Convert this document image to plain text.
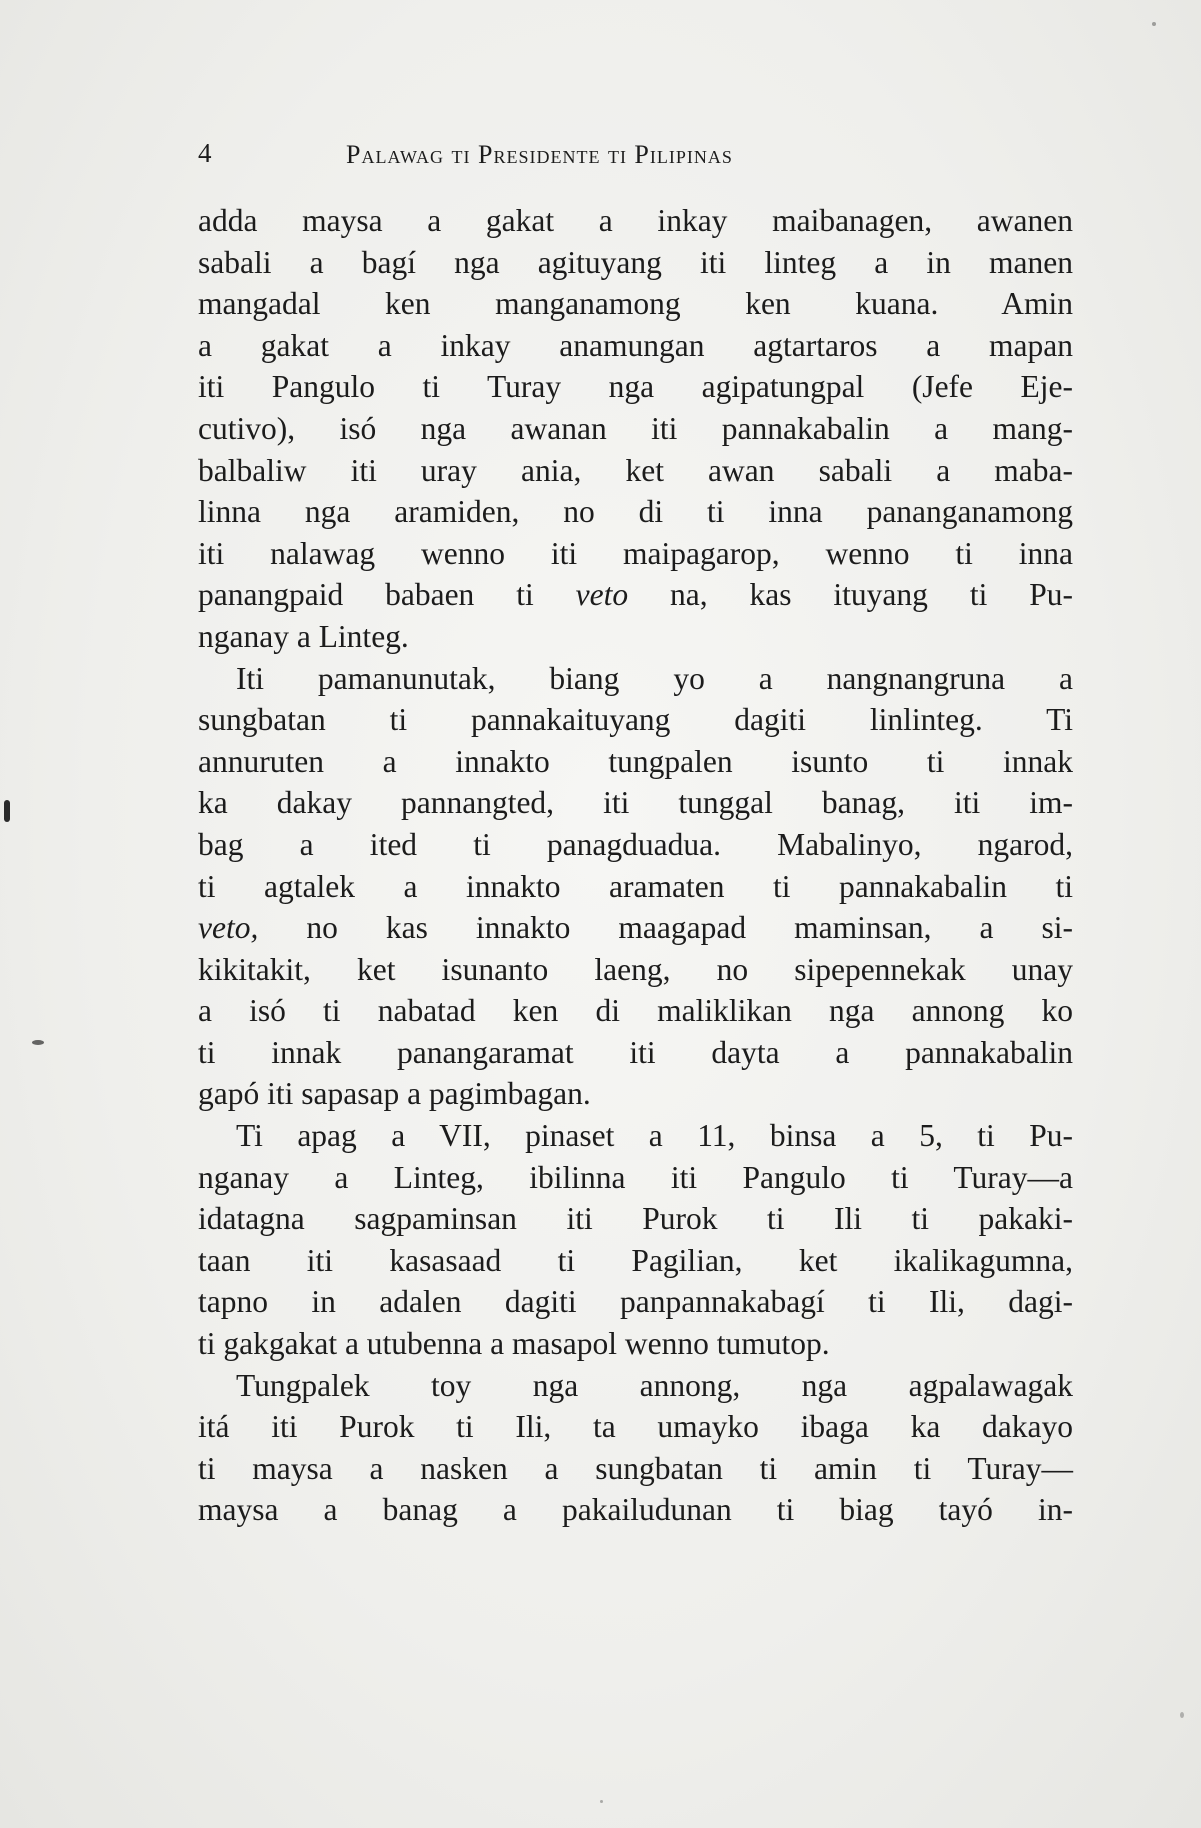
4	Palawag ti Presidente ti Pilipinas
adda maysa a gakat a inkay maibanagen, awanen
sabali a bagí nga agituyang iti linteg a in manen
mangadal ken manganamong ken kuana. Amin
a gakat a inkay anamungan agtartaros a mapan
iti Pangulo ti Turay nga agipatungpal (Jefe Eje-
cutivo), isó nga awanan iti pannakabalin a mang-
balbaliw iti uray ania, ket awan sabali a maba-
linna nga aramiden, no di ti inna pananganamong
iti nalawag wenno iti maipagarop, wenno ti inna
panangpaid babaen ti veto na, kas ituyang ti Pu-
nganay a Linteg.
Iti pamanunutak, biang yo a nangnangruna a
sungbatan ti pannakaituyang dagiti linlinteg. Ti
annuruten a innakto tungpalen isunto ti innak
ka dakay pannangted, iti tunggal banag, iti im-
bag a ited ti panagduadua. Mabalinyo, ngarod,
ti agtalek a innakto aramaten ti pannakabalin ti
veto, no kas innakto maagapad maminsan, a si-
kikitakit, ket isunanto laeng, no sipepennekak unay
a isó ti nabatad ken di maliklikan nga annong ko
ti innak panangaramat iti dayta a pannakabalin
gapó iti sapasap a pagimbagan.
Ti apag a VII, pinaset a 11, binsa a 5, ti Pu-
nganay a Linteg, ibilinna iti Pangulo ti Turay—a
idatagna sagpaminsan iti Purok ti Ili ti pakaki-
taan iti kasasaad ti Pagilian, ket ikalikagumna,
tapno in adalen dagiti panpannakabagí ti Ili, dagi-
ti gakgakat a utubenna a masapol wenno tumutop.
Tungpalek toy nga annong, nga agpalawagak
itá iti Purok ti Ili, ta umayko ibaga ka dakayo
ti maysa a nasken a sungbatan ti amin ti Turay—
maysa a banag a pakailudunan ti biag tayó in-
